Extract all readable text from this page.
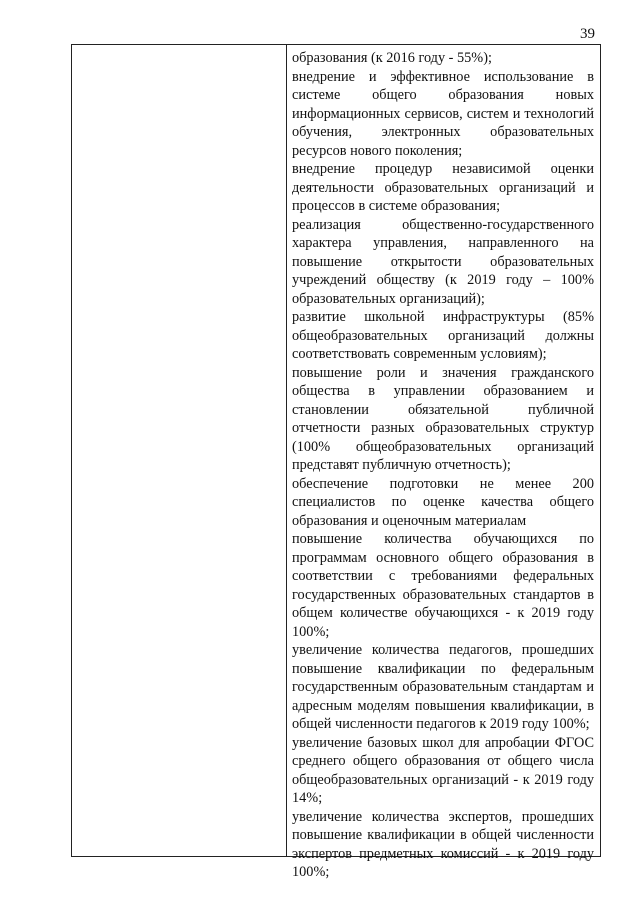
39

образования (к 2016 году - 55%);

внедрение и эффективное использование в системе общего образования новых информационных сервисов, систем и технологий обучения, электронных образовательных ресурсов нового поколения;

внедрение процедур независимой оценки деятельности образовательных организаций и процессов в системе образования;

реализация общественно-государственного характера управления, направленного на повышение открытости образовательных учреждений обществу (к 2019 году – 100% образовательных организаций);

развитие школьной инфраструктуры (85% общеобразовательных организаций должны соответствовать современным условиям);

повышение роли и значения гражданского общества в управлении образованием и становлении обязательной публичной отчетности разных образовательных структур (100% общеобразовательных организаций представят публичную отчетность);

обеспечение подготовки не менее 200 специалистов по оценке качества общего образования и оценочным материалам

повышение количества обучающихся по программам основного общего образования в соответствии с требованиями федеральных государственных образовательных стандартов в общем количестве обучающихся - к 2019 году 100%;

увеличение количества педагогов, прошедших повышение квалификации по федеральным государственным образовательным стандартам и адресным моделям повышения квалификации, в общей численности педагогов к 2019 году 100%;

увеличение базовых школ для апробации ФГОС среднего общего образования от общего числа общеобразовательных организаций - к 2019 году 14%;

увеличение количества экспертов, прошедших повышение квалификации в общей численности экспертов предметных комиссий - к 2019 году 100%;
